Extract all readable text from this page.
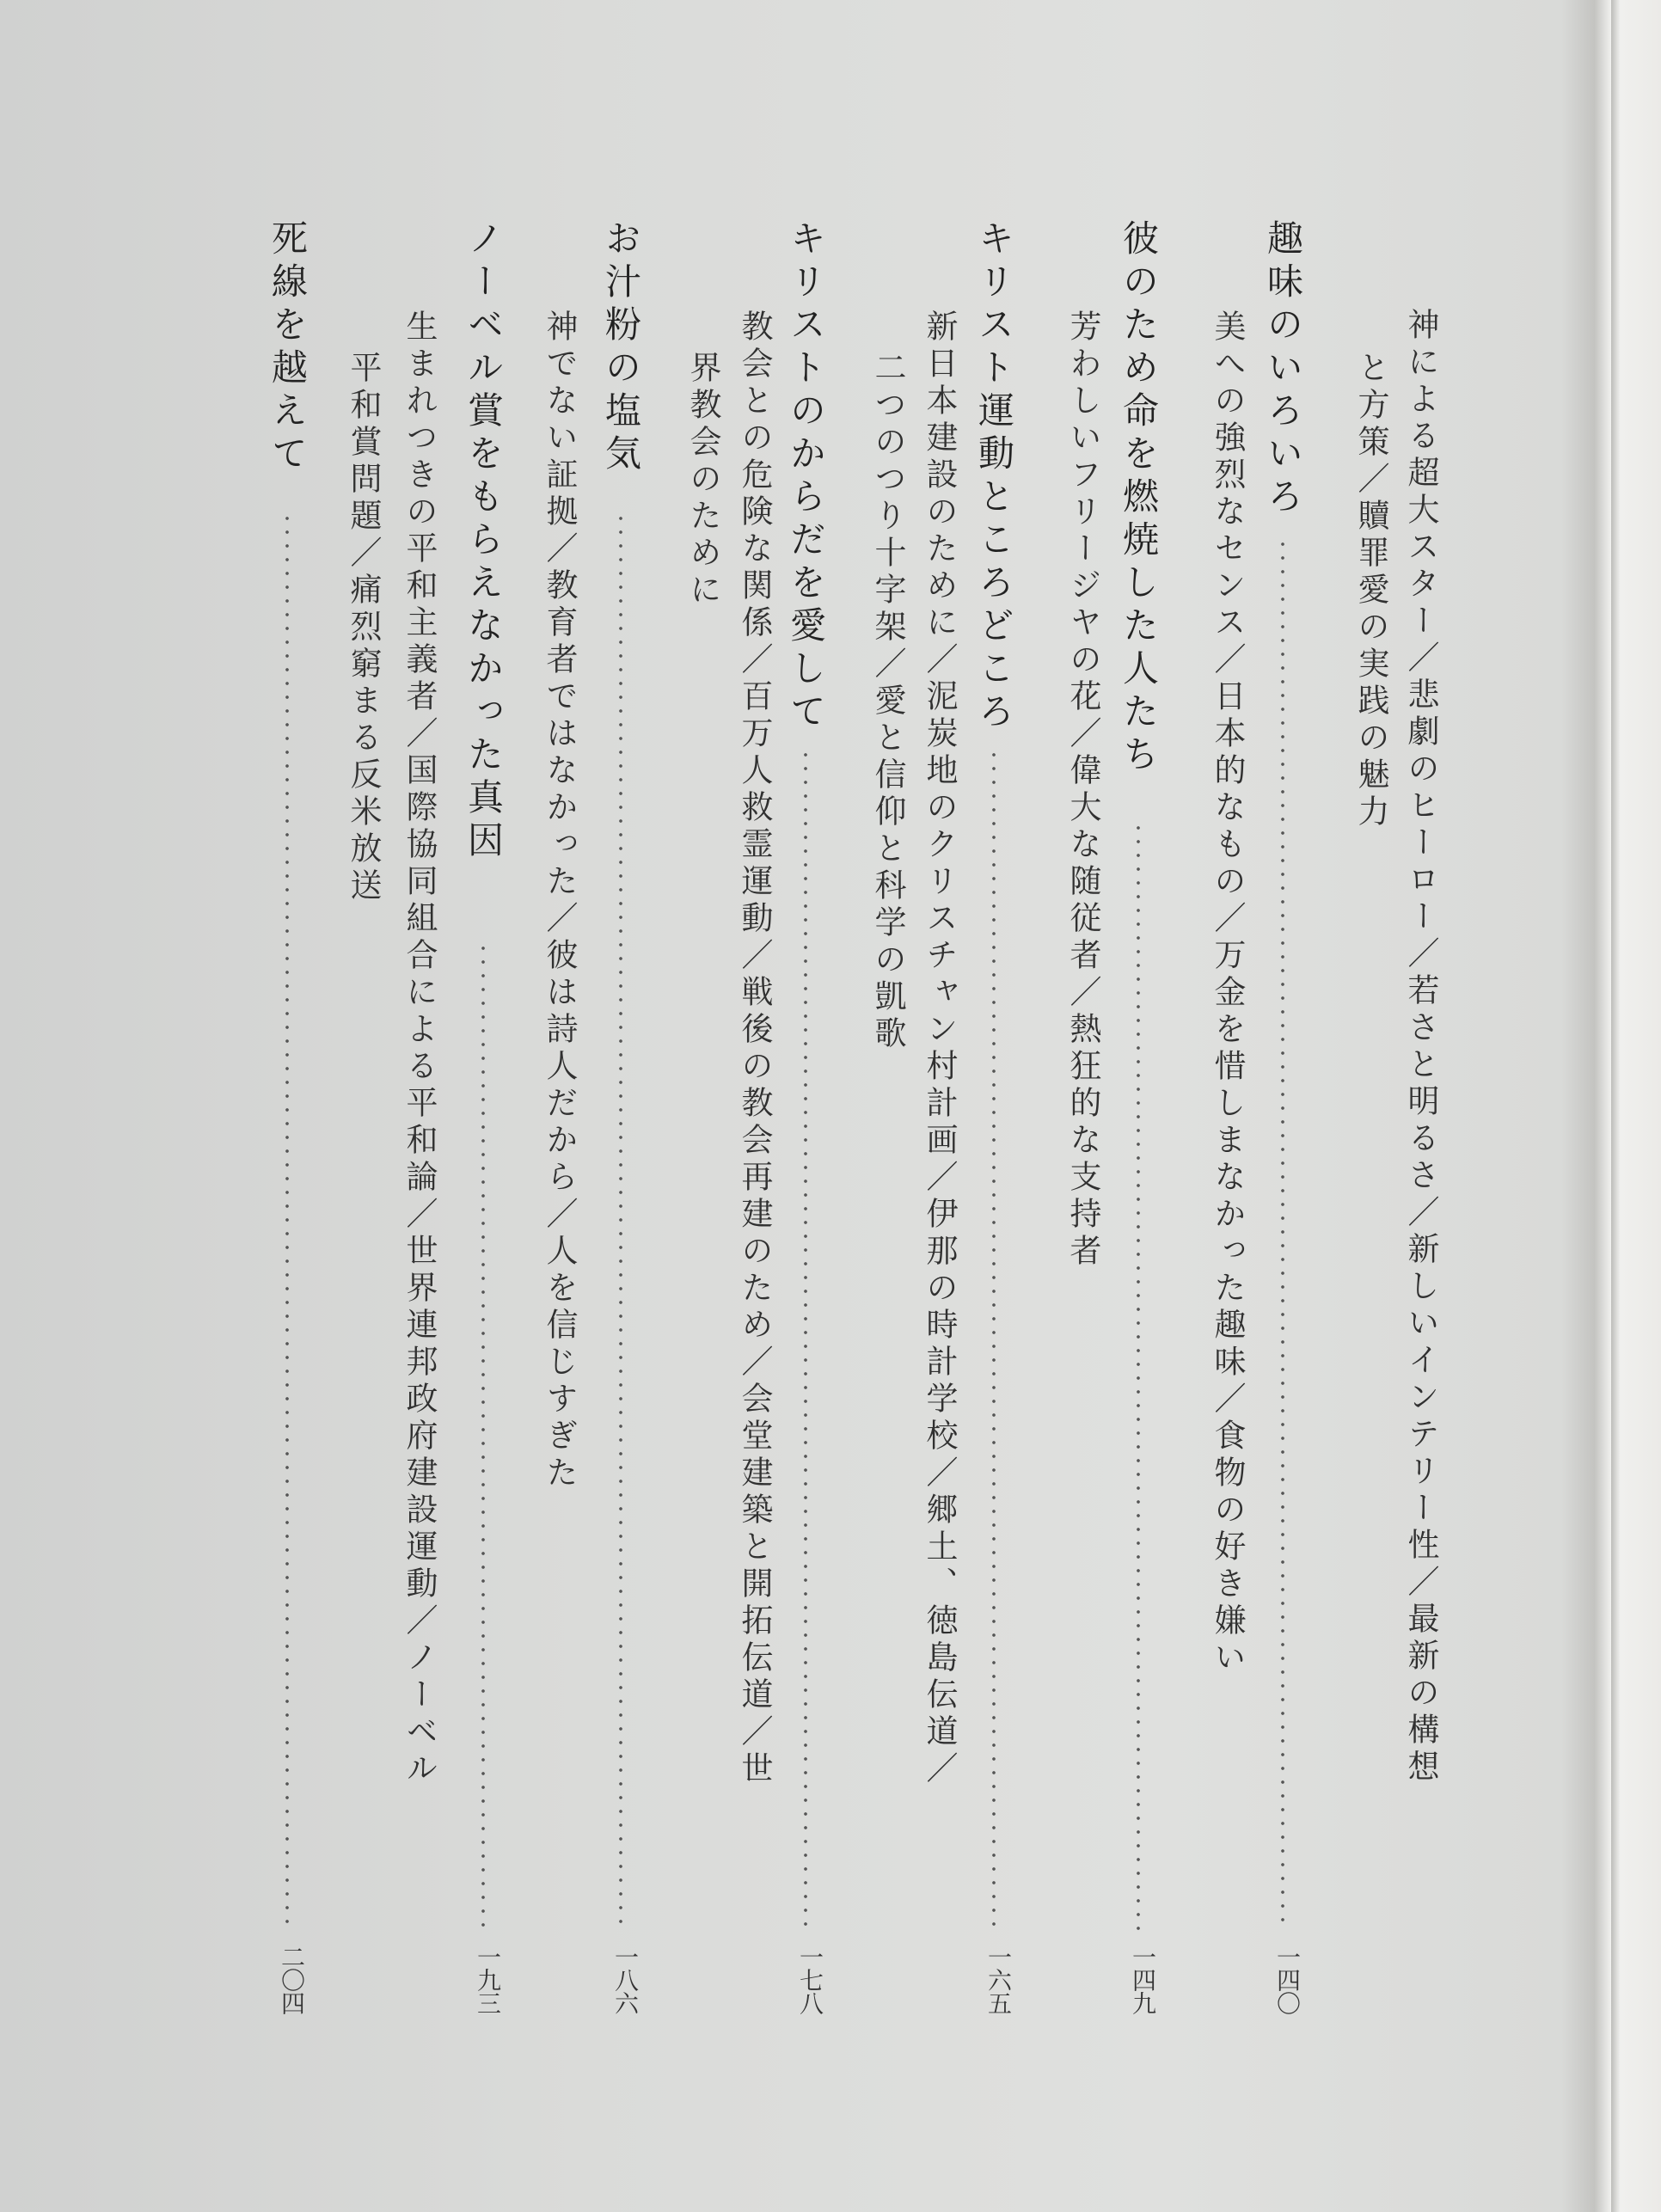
神による超大スター／悲劇のヒーロー／若さと明るさ／新しいインテリー性／最新の構想
と方策／贖罪愛の実践の魅力
趣味のいろいろ
一四〇
美への強烈なセンス／日本的なもの／万金を惜しまなかった趣味／食物の好き嫌い
彼のため命を燃焼した人たち
一四九
芳わしいフリージヤの花／偉大な随従者／熱狂的な支持者
キリスト運動ところどころ
一六五
新日本建設のために／泥炭地のクリスチャン村計画／伊那の時計学校／郷土、徳島伝道／
二つのつり十字架／愛と信仰と科学の凱歌
キリストのからだを愛して
一七八
教会との危険な関係／百万人救霊運動／戦後の教会再建のため／会堂建築と開拓伝道／世
界教会のために
お汁粉の塩気
一八六
神でない証拠／教育者ではなかった／彼は詩人だから／人を信じすぎた
ノーベル賞をもらえなかった真因
一九三
生まれつきの平和主義者／国際協同組合による平和論／世界連邦政府建設運動／ノーベル
平和賞問題／痛烈窮まる反米放送
死線を越えて
二〇四
